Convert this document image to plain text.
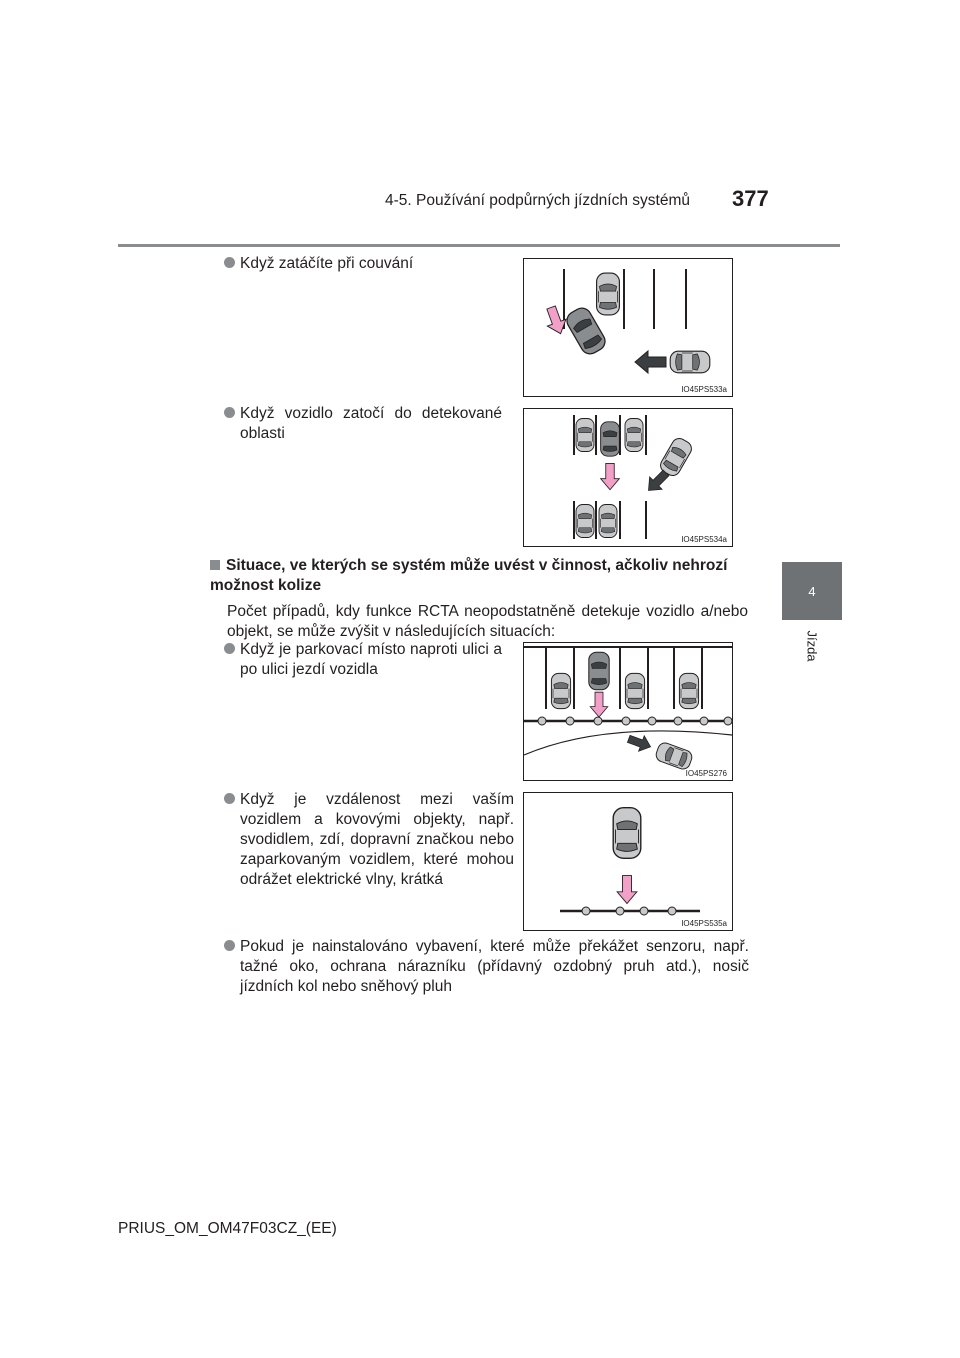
4-5. Používání podpůrných jízdních systémů 377
4
Jízda
Když zatáčíte při couvání
IO45PS533a
Když vozidlo zatočí do detekované oblasti
IO45PS534a
Situace, ve kterých se systém může uvést v činnost, ačkoliv nehrozí možnost kolize
Počet případů, kdy funkce RCTA neopodstatněně detekuje vozidlo a/nebo objekt, se může zvýšit v následujících situacích:
Když je parkovací místo naproti ulici a po ulici jezdí vozidla
IO45PS276
Když je vzdálenost mezi vaším vozidlem a kovovými objekty, např. svodidlem, zdí, dopravní značkou nebo zaparkovaným vozidlem, které mohou odrážet elektrické vlny, krátká
IO45PS535a
Pokud je nainstalováno vybavení, které může překážet senzoru, např. tažné oko, ochrana nárazníku (přídavný ozdobný pruh atd.), nosič jízdních kol nebo sněhový pluh
PRIUS_OM_OM47F03CZ_(EE)
